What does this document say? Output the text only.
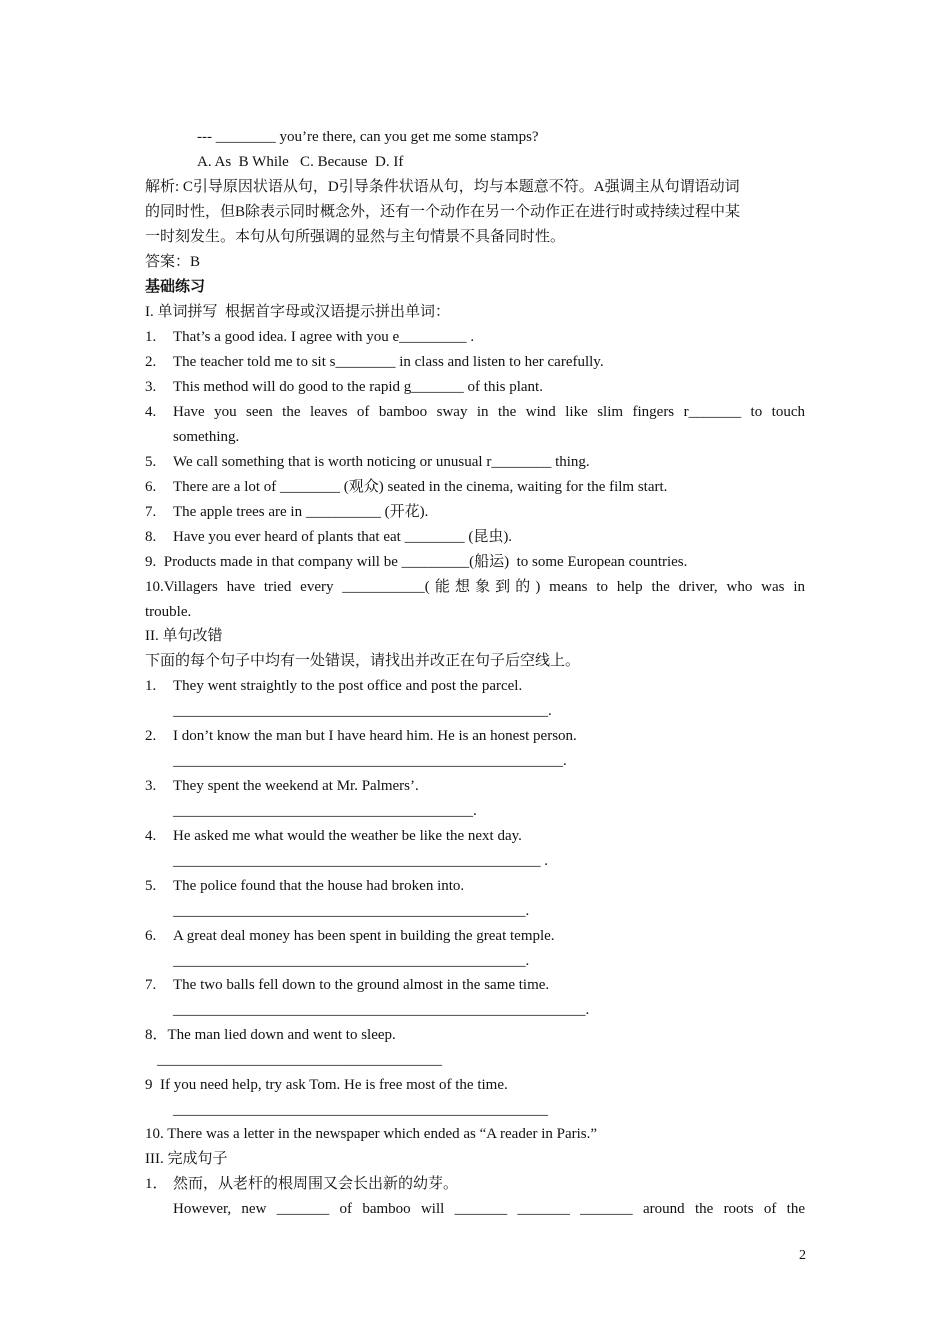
--- ________ you’re there, can you get me some stamps?
A. As  B While   C. Because  D. If
解析: C引导原因状语从句，D引导条件状语从句，均与本题意不符。A强调主从句谓语动词
的同时性，但B除表示同时概念外，还有一个动作在另一个动作正在进行时或持续过程中某
一时刻发生。本句从句所强调的显然与主句情景不具备同时性。
答案：B
基础练习
I. 单词拼写  根据首字母或汉语提示拼出单词：
1. That’s a good idea. I agree with you e_________ .
2. The teacher told me to sit s________ in class and listen to her carefully.
3. This method will do good to the rapid g_______ of this plant.
4. Have you seen the leaves of bamboo sway in the wind like slim fingers r_______ to touch
something.
5. We call something that is worth noticing or unusual r________ thing.
6. There are a lot of ________ (观众) seated in the cinema, waiting for the film start.
7. The apple trees are in __________ (开花).
8. Have you ever heard of plants that eat ________ (昆虫).
9.  Products made in that company will be _________(船运)  to some European countries.
10.Villagers have tried every ___________(能想象到的) means to help the driver, who was in
trouble.
II. 单句改错
下面的每个句子中均有一处错误，请找出并改正在句子后空线上。
1. They went straightly to the post office and post the parcel.
__________________________________________________.
2. I don’t know the man but I have heard him. He is an honest person.
____________________________________________________.
3. They spent the weekend at Mr. Palmers’.
________________________________________.
4. He asked me what would the weather be like the next day.
_________________________________________________ .
5. The police found that the house had broken into.
_______________________________________________.
6. A great deal money has been spent in building the great temple.
_______________________________________________.
7. The two balls fell down to the ground almost in the same time.
_______________________________________________________.
8．The man lied down and went to sleep.
______________________________________
9  If you need help, try ask Tom. He is free most of the time.
__________________________________________________
10. There was a letter in the newspaper which ended as “A reader in Paris.”
III. 完成句子
1． 然而，从老杆的根周围又会长出新的幼芽。
However, new _______ of bamboo will _______ _______ _______ around the roots of the
2
